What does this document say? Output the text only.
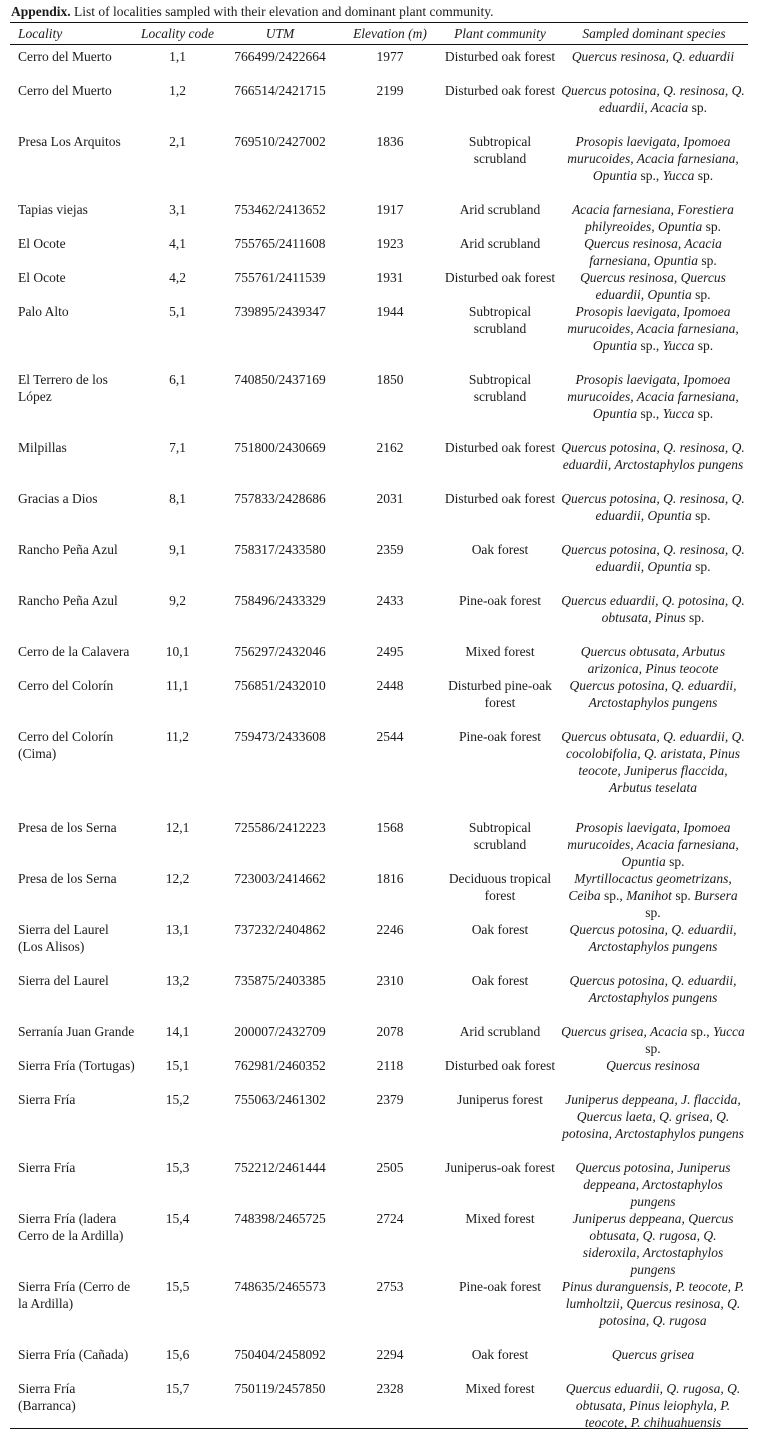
Appendix. List of localities sampled with their elevation and dominant plant community.
Locality	Locality code	UTM	Elevation (m)	Plant community	Sampled dominant species
Cerro del Muerto	1,1	766499/2422664	1977	Disturbed oak forest	Quercus resinosa, Q. eduardii
Cerro del Muerto	1,2	766514/2421715	2199	Disturbed oak forest	Quercus potosina, Q. resinosa, Q. eduardii, Acacia sp.
Presa Los Arquitos	2,1	769510/2427002	1836	Subtropical scrubland	Prosopis laevigata, Ipomoea murucoides, Acacia farnesiana, Opuntia sp., Yucca sp.
Tapias viejas	3,1	753462/2413652	1917	Arid scrubland	Acacia farnesiana, Forestiera philyreoides, Opuntia sp.
El Ocote	4,1	755765/2411608	1923	Arid scrubland	Quercus resinosa, Acacia farnesiana, Opuntia sp.
El Ocote	4,2	755761/2411539	1931	Disturbed oak forest	Quercus resinosa, Quercus eduardii, Opuntia sp.
Palo Alto	5,1	739895/2439347	1944	Subtropical scrubland	Prosopis laevigata, Ipomoea murucoides, Acacia farnesiana, Opuntia sp., Yucca sp.
El Terrero de los López	6,1	740850/2437169	1850	Subtropical scrubland	Prosopis laevigata, Ipomoea murucoides, Acacia farnesiana, Opuntia sp., Yucca sp.
Milpillas	7,1	751800/2430669	2162	Disturbed oak forest	Quercus potosina, Q. resinosa, Q. eduardii, Arctostaphylos pungens
Gracias a Dios	8,1	757833/2428686	2031	Disturbed oak forest	Quercus potosina, Q. resinosa, Q. eduardii, Opuntia sp.
Rancho Peña Azul	9,1	758317/2433580	2359	Oak forest	Quercus potosina, Q. resinosa, Q. eduardii, Opuntia sp.
Rancho Peña Azul	9,2	758496/2433329	2433	Pine-oak forest	Quercus eduardii, Q. potosina, Q. obtusata, Pinus sp.
Cerro de la Calavera	10,1	756297/2432046	2495	Mixed forest	Quercus obtusata, Arbutus arizonica, Pinus teocote
Cerro del Colorín	11,1	756851/2432010	2448	Disturbed pine-oak forest	Quercus potosina, Q. eduardii, Arctostaphylos pungens
Cerro del Colorín (Cima)	11,2	759473/2433608	2544	Pine-oak forest	Quercus obtusata, Q. eduardii, Q. cocolobifolia, Q. aristata, Pinus teocote, Juniperus flaccida, Arbutus teselata
Presa de los Serna	12,1	725586/2412223	1568	Subtropical scrubland	Prosopis laevigata, Ipomoea murucoides, Acacia farnesiana, Opuntia sp.
Presa de los Serna	12,2	723003/2414662	1816	Deciduous tropical forest	Myrtillocactus geometrizans, Ceiba sp., Manihot sp. Bursera sp.
Sierra del Laurel (Los Alisos)	13,1	737232/2404862	2246	Oak forest	Quercus potosina, Q. eduardii, Arctostaphylos pungens
Sierra del Laurel	13,2	735875/2403385	2310	Oak forest	Quercus potosina, Q. eduardii, Arctostaphylos pungens
Serranía Juan Grande	14,1	200007/2432709	2078	Arid scrubland	Quercus grisea, Acacia sp., Yucca sp.
Sierra Fría (Tortugas)	15,1	762981/2460352	2118	Disturbed oak forest	Quercus resinosa
Sierra Fría	15,2	755063/2461302	2379	Juniperus forest	Juniperus deppeana, J. flaccida, Quercus laeta, Q. grisea, Q. potosina, Arctostaphylos pungens
Sierra Fría	15,3	752212/2461444	2505	Juniperus-oak forest	Quercus potosina, Juniperus deppeana, Arctostaphylos pungens
Sierra Fría (ladera Cerro de la Ardilla)	15,4	748398/2465725	2724	Mixed forest	Juniperus deppeana, Quercus obtusata, Q. rugosa, Q. sideroxila, Arctostaphylos pungens
Sierra Fría (Cerro de la Ardilla)	15,5	748635/2465573	2753	Pine-oak forest	Pinus duranguensis, P. teocote, P. lumholtzii, Quercus resinosa, Q. potosina, Q. rugosa
Sierra Fría (Cañada)	15,6	750404/2458092	2294	Oak forest	Quercus grisea
Sierra Fría (Barranca)	15,7	750119/2457850	2328	Mixed forest	Quercus eduardii, Q. rugosa, Q. obtusata, Pinus leiophyla, P. teocote, P. chihuahuensis
